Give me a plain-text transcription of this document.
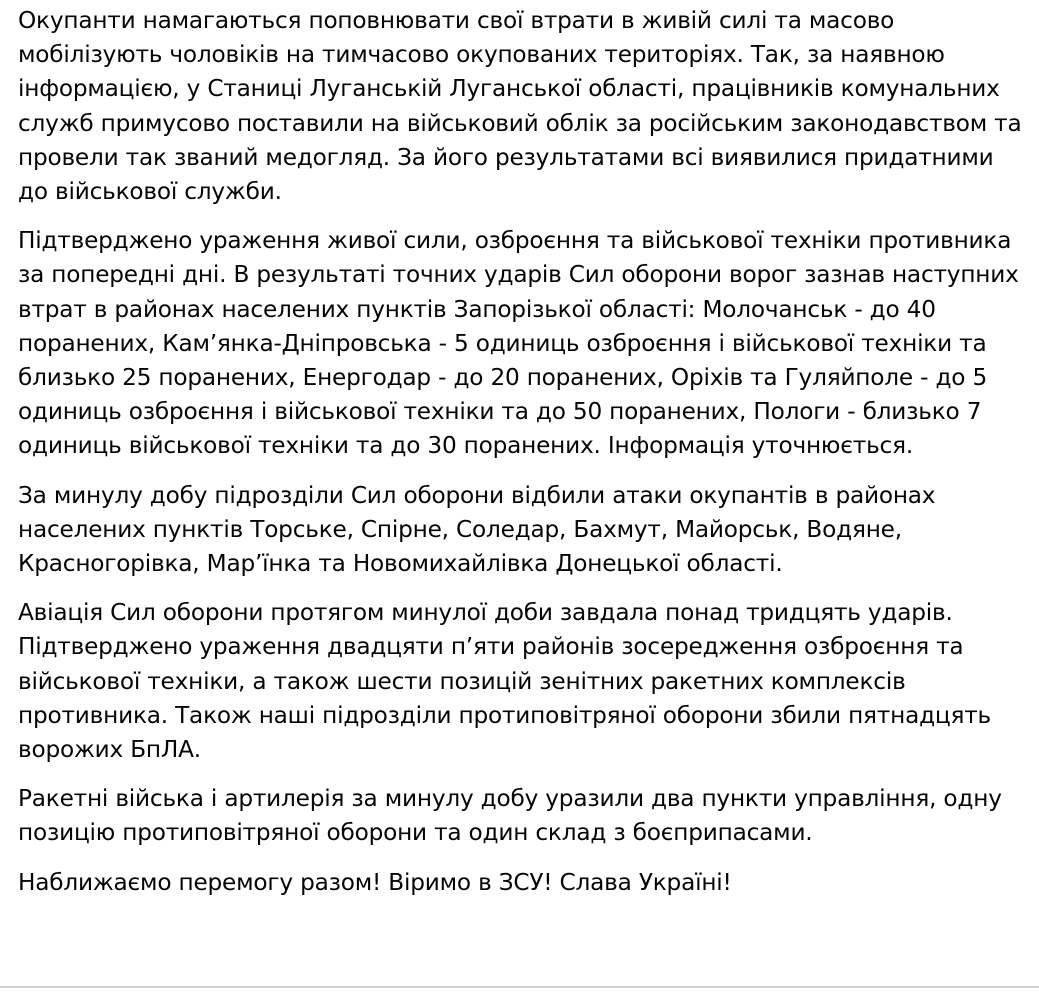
Окупанти намагаються поповнювати свої втрати в живій силі та масово мобілізують чоловіків на тимчасово окупованих територіях. Так, за наявною інформацією, у Станиці Луганській Луганської області, працівників комунальних служб примусово поставили на військовий облік за російським законодавством та провели так званий медогляд. За його результатами всі виявилися придатними до військової служби.

Підтверджено ураження живої сили, озброєння та військової техніки противника за попередні дні. В результаті точних ударів Сил оборони ворог зазнав наступних втрат в районах населених пунктів Запорізької області: Молочанськ - до 40 поранених, Кам’янка-Дніпровська - 5 одиниць озброєння і військової техніки та близько 25 поранених, Енергодар - до 20 поранених, Оріхів та Гуляйполе - до 5 одиниць озброєння і військової техніки та до 50 поранених, Пологи - близько 7 одиниць військової техніки та до 30 поранених. Інформація уточнюється.

За минулу добу підрозділи Сил оборони відбили атаки окупантів в районах населених пунктів Торське, Спірне, Соледар, Бахмут, Майорськ, Водяне, Красногорівка, Мар’їнка та Новомихайлівка Донецької області.

Авіація Сил оборони протягом минулої доби завдала понад тридцять ударів. Підтверджено ураження двадцяти п’яти районів зосередження озброєння та військової техніки, а також шести позицій зенітних ракетних комплексів противника. Також наші підрозділи протиповітряної оборони збили пятнадцять ворожих БпЛА.

Ракетні війська і артилерія за минулу добу уразили два пункти управління, одну позицію протиповітряної оборони та один склад з боєприпасами.

Наближаємо перемогу разом! Віримо в ЗСУ! Слава Україні!
